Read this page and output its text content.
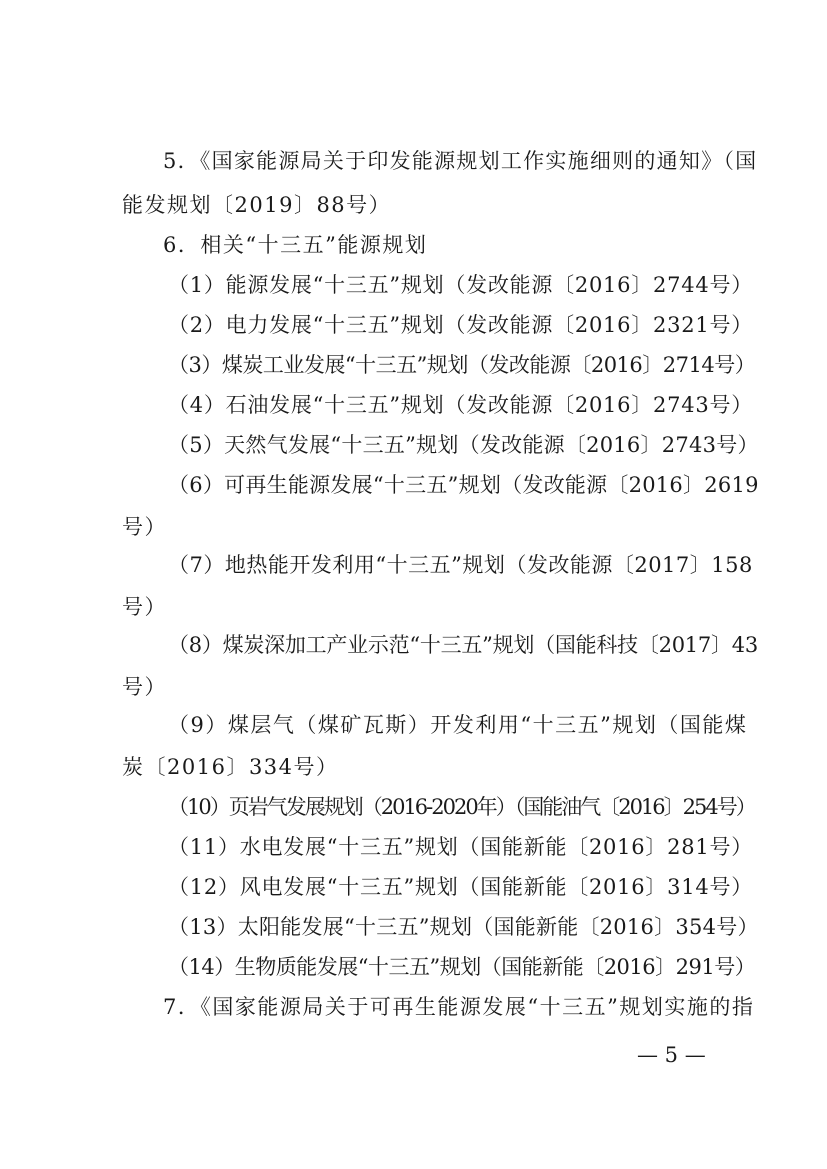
5．《国家能源局关于印发能源规划工作实施细则的通知》（国
能发规划〔2019〕88号）
6．相关“十三五”能源规划
（1）能源发展“十三五”规划（发改能源〔2016〕2744号）
（2）电力发展“十三五”规划（发改能源〔2016〕2321号）
（3）煤炭工业发展“十三五”规划（发改能源〔2016〕2714号）
（4）石油发展“十三五”规划（发改能源〔2016〕2743号）
（5）天然气发展“十三五”规划（发改能源〔2016〕2743号）
（6）可再生能源发展“十三五”规划（发改能源〔2016〕2619
号）
（7）地热能开发利用“十三五”规划（发改能源〔2017〕158
号）
（8）煤炭深加工产业示范“十三五”规划（国能科技〔2017〕43
号）
（9）煤层气（煤矿瓦斯）开发利用“十三五”规划（国能煤
炭〔2016〕334号）
（10）页岩气发展规划（2016-2020年）（国能油气〔2016〕254号）
（11）水电发展“十三五”规划（国能新能〔2016〕281号）
（12）风电发展“十三五”规划（国能新能〔2016〕314号）
（13）太阳能发展“十三五”规划（国能新能〔2016〕354号）
（14）生物质能发展“十三五”规划（国能新能〔2016〕291号）
7．《国家能源局关于可再生能源发展“十三五”规划实施的指
— 5 —
